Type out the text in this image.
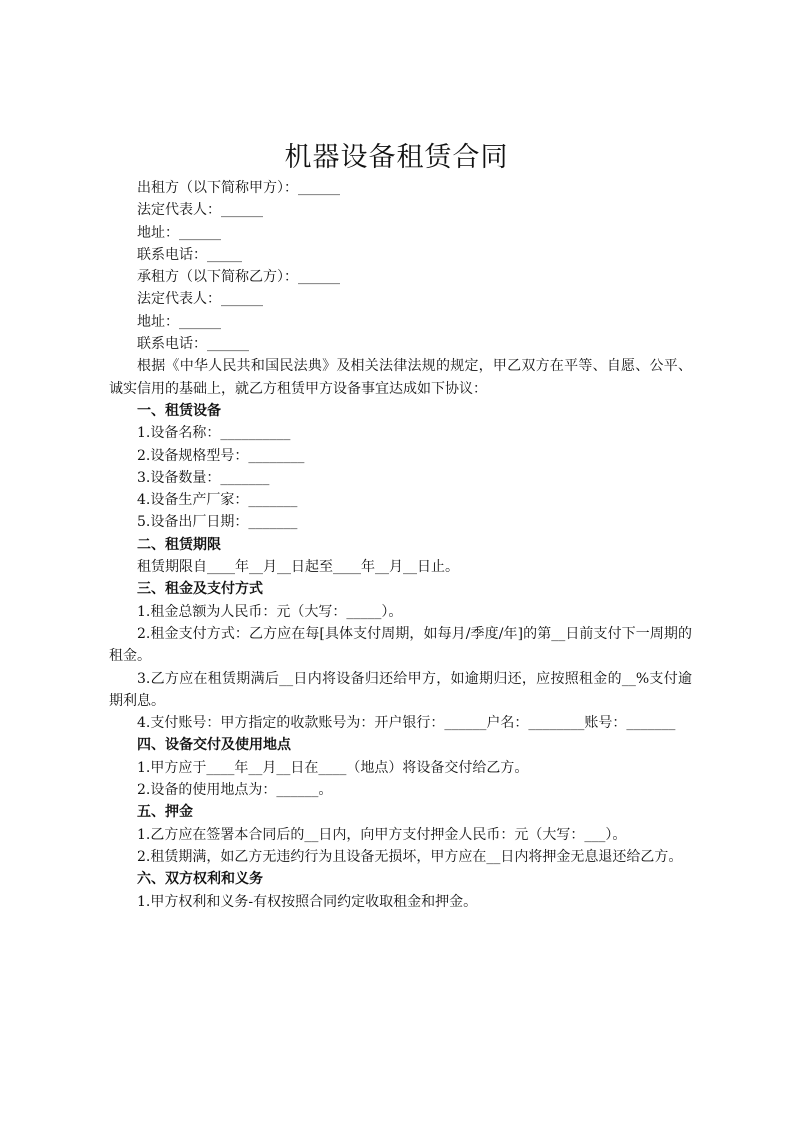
机器设备租赁合同

出租方（以下简称甲方）：______

法定代表人：______

地址：______

联系电话：_____

承租方（以下简称乙方）：______

法定代表人：______

地址：______

联系电话：______

根据《中华人民共和国民法典》及相关法律法规的规定，甲乙双方在平等、自愿、公平、诚实信用的基础上，就乙方租赁甲方设备事宜达成如下协议：

一、租赁设备

1.设备名称：__________

2.设备规格型号：________

3.设备数量：_______

4.设备生产厂家：_______

5.设备出厂日期：_______

二、租赁期限

租赁期限自____年__月__日起至____年__月__日止。

三、租金及支付方式

1.租金总额为人民币：元（大写：_____）。

2.租金支付方式：乙方应在每[具体支付周期，如每月/季度/年]的第__日前支付下一周期的租金。

3.乙方应在租赁期满后__日内将设备归还给甲方，如逾期归还，应按照租金的__%支付逾期利息。

4.支付账号：甲方指定的收款账号为：开户银行：______户名：________账号：_______

四、设备交付及使用地点

1.甲方应于____年__月__日在____（地点）将设备交付给乙方。

2.设备的使用地点为：______。

五、押金

1.乙方应在签署本合同后的__日内，向甲方支付押金人民币：元（大写：___）。

2.租赁期满，如乙方无违约行为且设备无损坏，甲方应在__日内将押金无息退还给乙方。

六、双方权利和义务

1.甲方权利和义务-有权按照合同约定收取租金和押金。
